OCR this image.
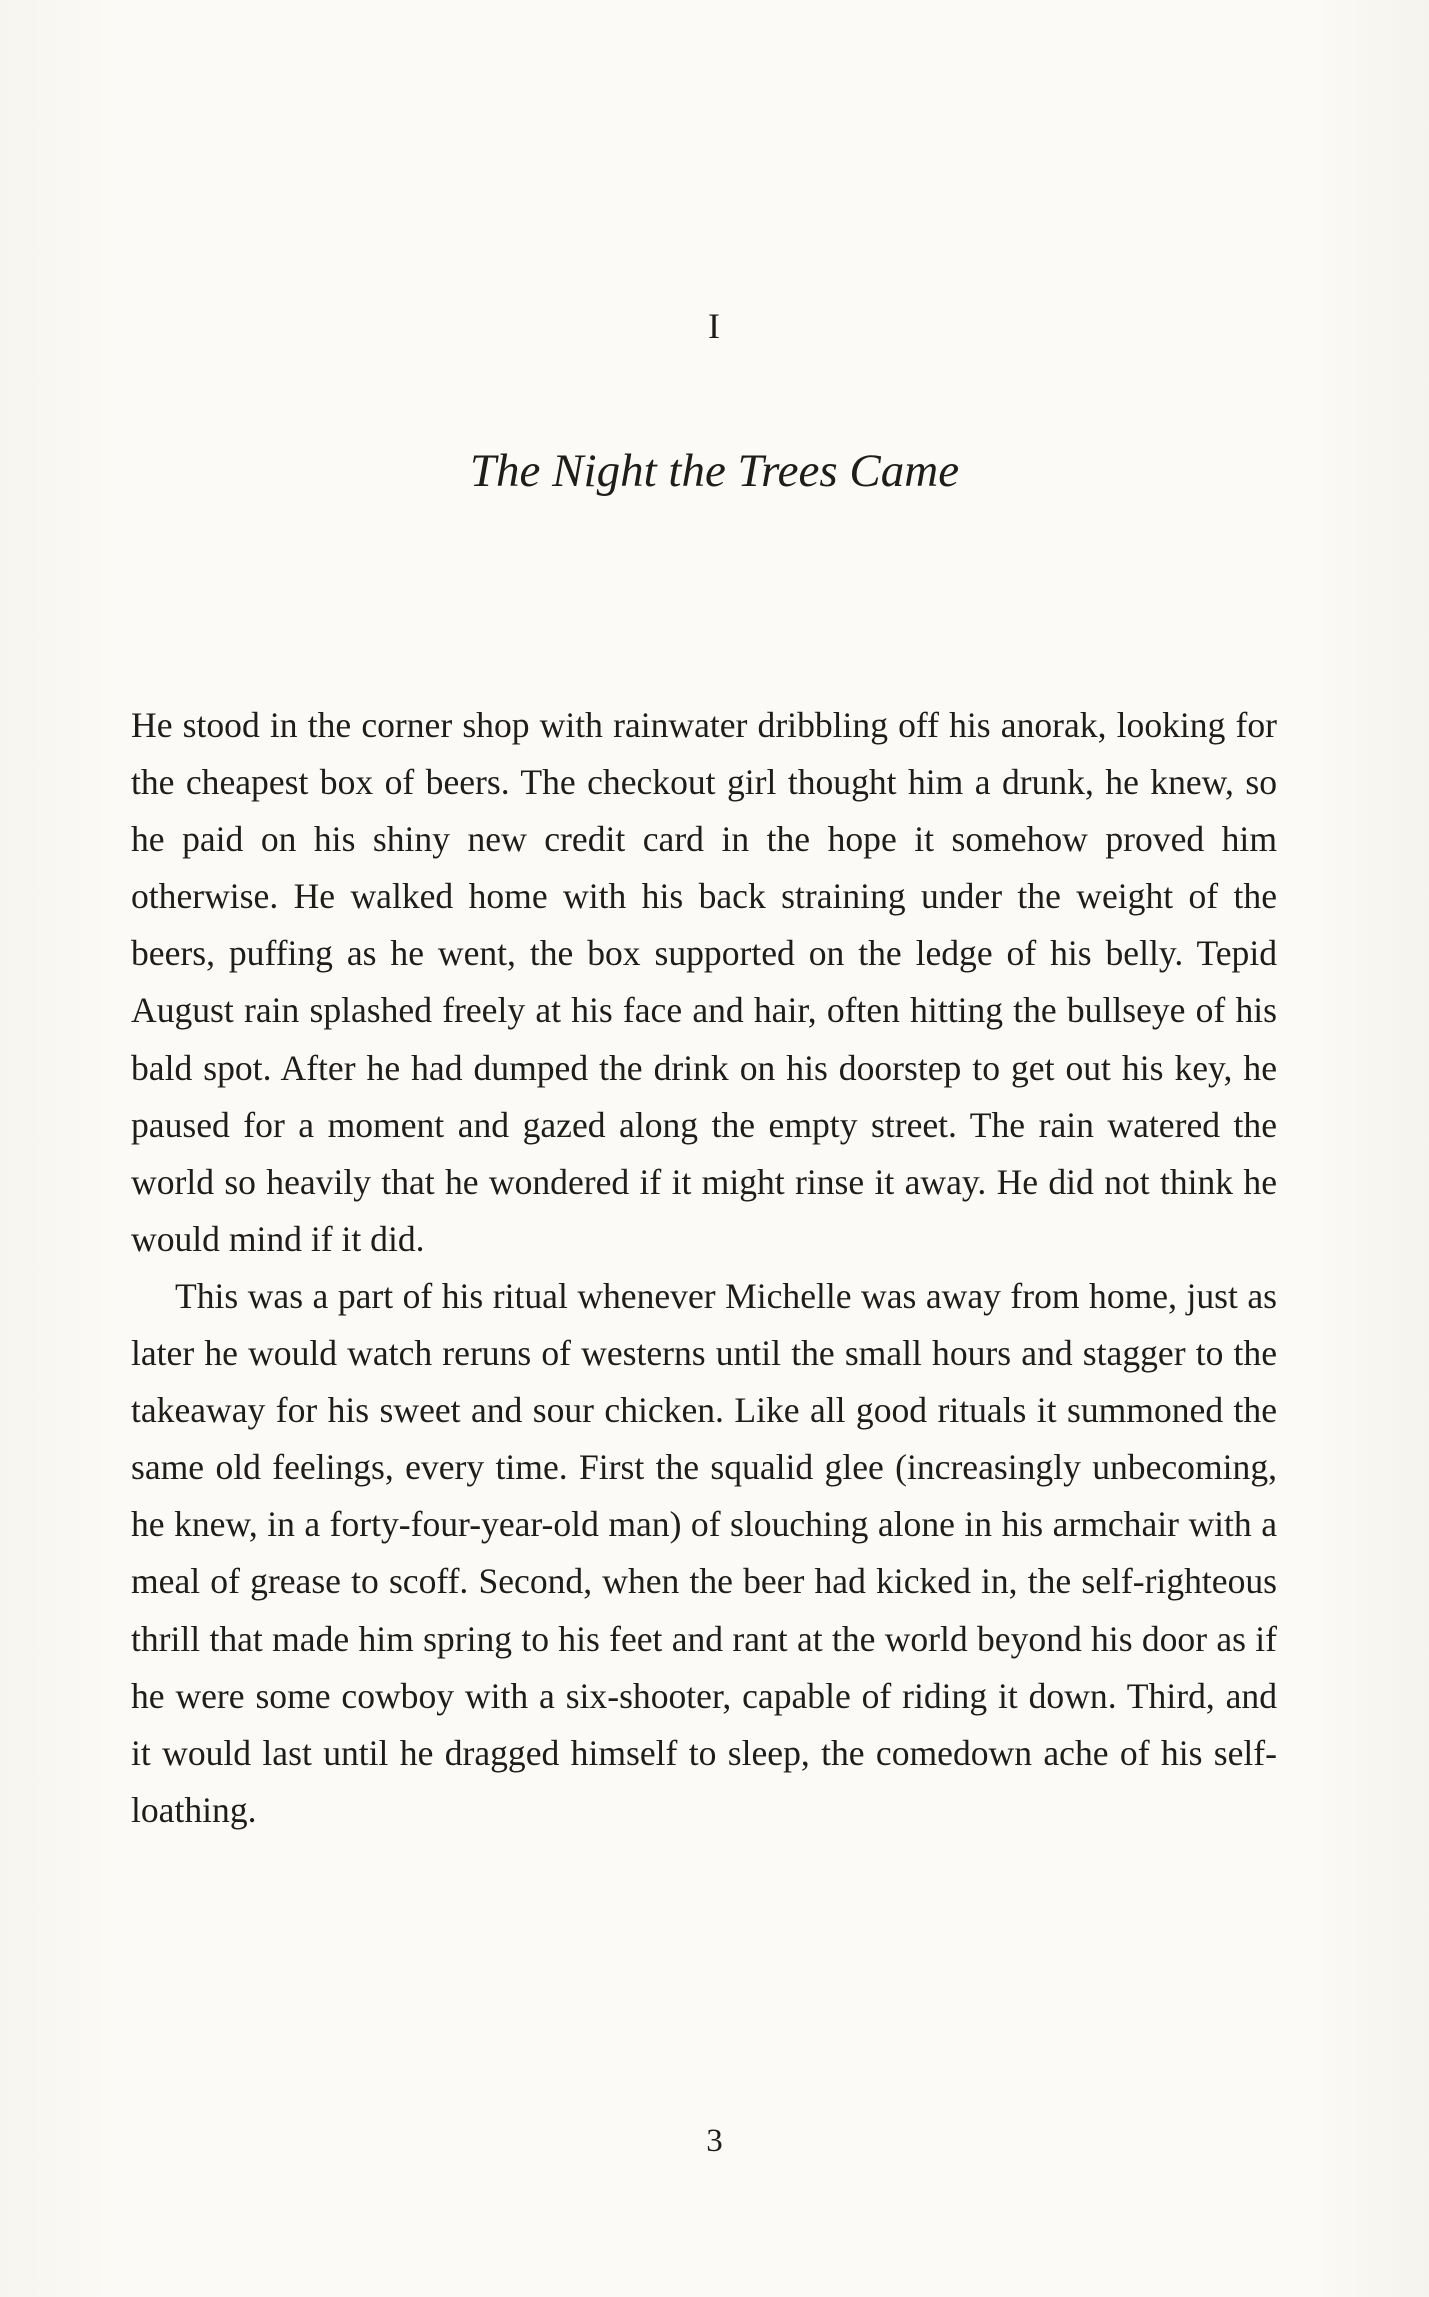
I
The Night the Trees Came

He stood in the corner shop with rainwater dribbling off his anorak, looking for the cheapest box of beers. The checkout girl thought him a drunk, he knew, so he paid on his shiny new credit card in the hope it somehow proved him otherwise. He walked home with his back straining under the weight of the beers, puffing as he went, the box supported on the ledge of his belly. Tepid August rain splashed freely at his face and hair, often hitting the bullseye of his bald spot. After he had dumped the drink on his doorstep to get out his key, he paused for a moment and gazed along the empty street. The rain watered the world so heavily that he wondered if it might rinse it away. He did not think he would mind if it did.

This was a part of his ritual whenever Michelle was away from home, just as later he would watch reruns of westerns until the small hours and stagger to the takeaway for his sweet and sour chicken. Like all good rituals it summoned the same old feelings, every time. First the squalid glee (increasingly unbecoming, he knew, in a forty-four-year-old man) of slouching alone in his armchair with a meal of grease to scoff. Second, when the beer had kicked in, the self-righteous thrill that made him spring to his feet and rant at the world beyond his door as if he were some cowboy with a six-shooter, capable of riding it down. Third, and it would last until he dragged himself to sleep, the comedown ache of his self-loathing.

3
